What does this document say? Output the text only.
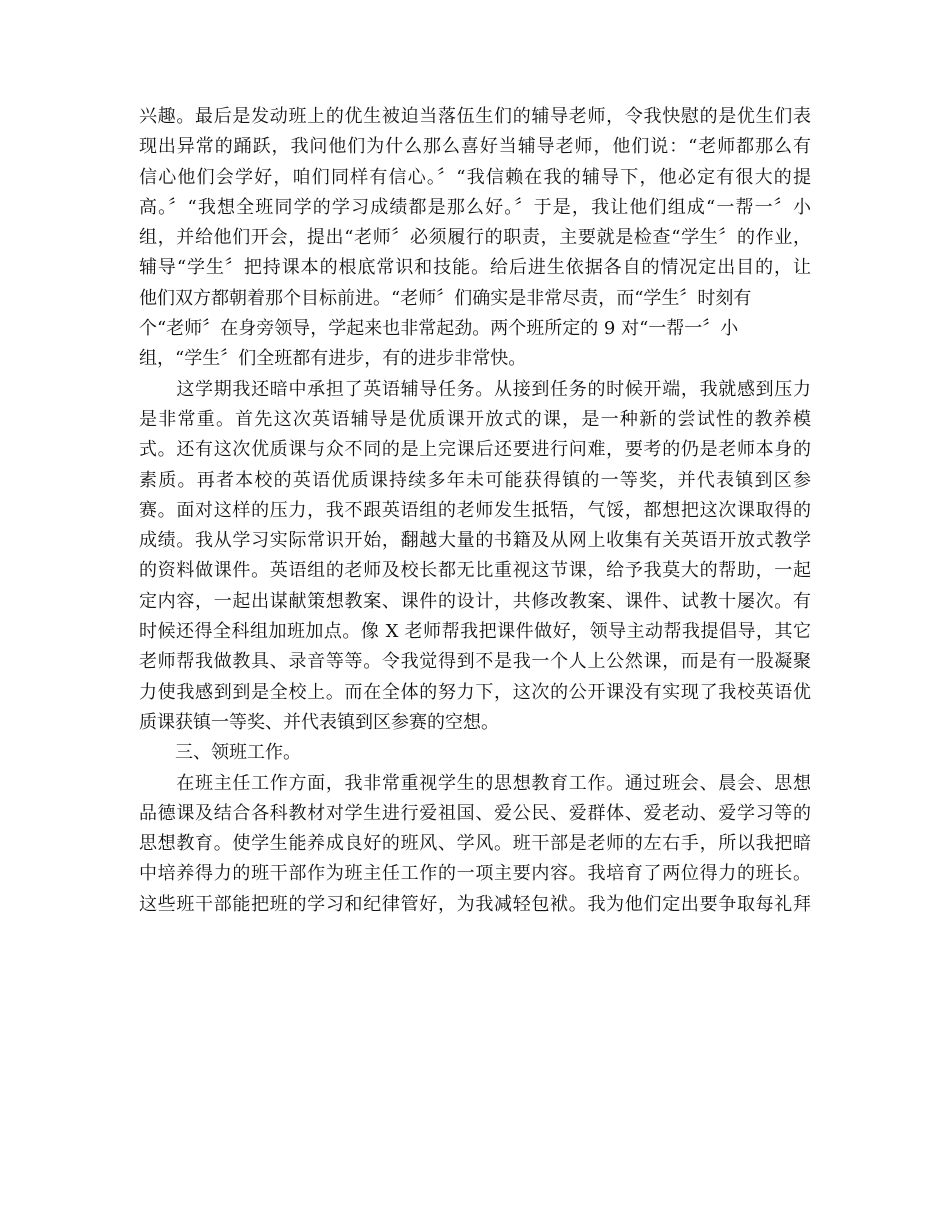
兴趣。最后是发动班上的优生被迫当落伍生们的辅导老师，令我快慰的是优生们表
现出异常的踊跃，我问他们为什么那么喜好当辅导老师，他们说：“老师都那么有
信心他们会学好，咱们同样有信心。〞“我信赖在我的辅导下，他必定有很大的提
高。〞“我想全班同学的学习成绩都是那么好。〞于是，我让他们组成“一帮一〞小
组，并给他们开会，提出“老师〞必须履行的职责，主要就是检查“学生〞的作业，
辅导“学生〞把持课本的根底常识和技能。给后进生依据各自的情况定出目的，让
他们双方都朝着那个目标前进。“老师〞们确实是非常尽责，而“学生〞时刻有
个“老师〞在身旁领导，学起来也非常起劲。两个班所定的 9 对“一帮一〞小
组，“学生〞们全班都有进步，有的进步非常快。
　　这学期我还暗中承担了英语辅导任务。从接到任务的时候开端，我就感到压力
是非常重。首先这次英语辅导是优质课开放式的课，是一种新的尝试性的教养模
式。还有这次优质课与众不同的是上完课后还要进行问难，要考的仍是老师本身的
素质。再者本校的英语优质课持续多年未可能获得镇的一等奖，并代表镇到区参
赛。面对这样的压力，我不跟英语组的老师发生抵牾，气馁，都想把这次课取得的
成绩。我从学习实际常识开始，翻越大量的书籍及从网上收集有关英语开放式教学
的资料做课件。英语组的老师及校长都无比重视这节课，给予我莫大的帮助，一起
定内容，一起出谋献策想教案、课件的设计，共修改教案、课件、试教十屡次。有
时候还得全科组加班加点。像 X 老师帮我把课件做好，领导主动帮我提倡导，其它
老师帮我做教具、录音等等。令我觉得到不是我一个人上公然课，而是有一股凝聚
力使我感到到是全校上。而在全体的努力下，这次的公开课没有实现了我校英语优
质课获镇一等奖、并代表镇到区参赛的空想。
　　三、领班工作。
　　在班主任工作方面，我非常重视学生的思想教育工作。通过班会、晨会、思想
品德课及结合各科教材对学生进行爱祖国、爱公民、爱群体、爱老动、爱学习等的
思想教育。使学生能养成良好的班风、学风。班干部是老师的左右手，所以我把暗
中培养得力的班干部作为班主任工作的一项主要内容。我培育了两位得力的班长。
这些班干部能把班的学习和纪律管好，为我减轻包袱。我为他们定出要争取每礼拜
